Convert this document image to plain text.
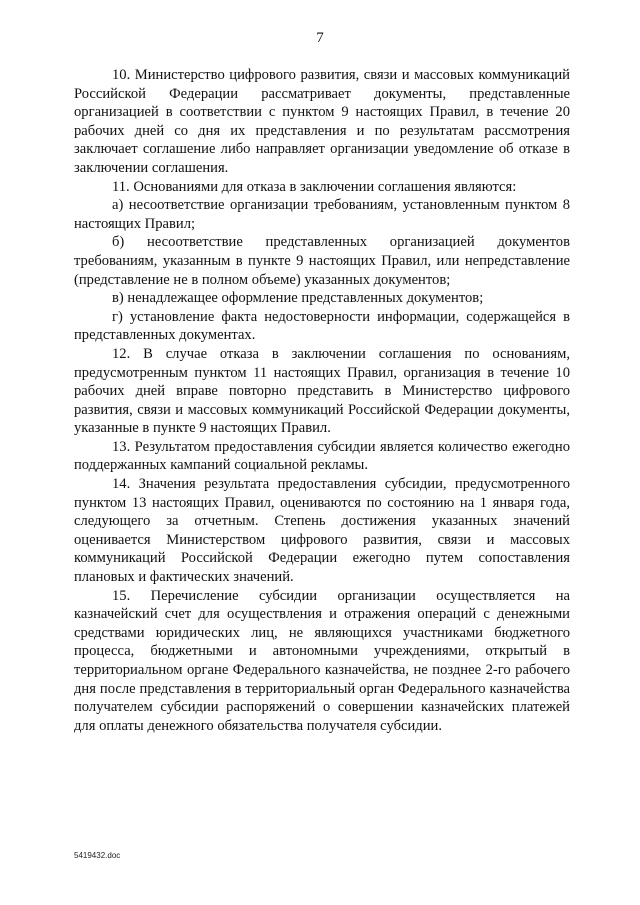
7

10. Министерство цифрового развития, связи и массовых коммуникаций Российской Федерации рассматривает документы, представленные организацией в соответствии с пунктом 9 настоящих Правил, в течение 20 рабочих дней со дня их представления и по результатам рассмотрения заключает соглашение либо направляет организации уведомление об отказе в заключении соглашения.

11. Основаниями для отказа в заключении соглашения являются:

а) несоответствие организации требованиям, установленным пунктом 8 настоящих Правил;

б) несоответствие представленных организацией документов требованиям, указанным в пункте 9 настоящих Правил, или непредставление (представление не в полном объеме) указанных документов;

в) ненадлежащее оформление представленных документов;

г) установление факта недостоверности информации, содержащейся в представленных документах.

12. В случае отказа в заключении соглашения по основаниям, предусмотренным пунктом 11 настоящих Правил, организация в течение 10 рабочих дней вправе повторно представить в Министерство цифрового развития, связи и массовых коммуникаций Российской Федерации документы, указанные в пункте 9 настоящих Правил.

13. Результатом предоставления субсидии является количество ежегодно поддержанных кампаний социальной рекламы.

14. Значения результата предоставления субсидии, предусмотренного пунктом 13 настоящих Правил, оцениваются по состоянию на 1 января года, следующего за отчетным. Степень достижения указанных значений оценивается Министерством цифрового развития, связи и массовых коммуникаций Российской Федерации ежегодно путем сопоставления плановых и фактических значений.

15. Перечисление субсидии организации осуществляется на казначейский счет для осуществления и отражения операций с денежными средствами юридических лиц, не являющихся участниками бюджетного процесса, бюджетными и автономными учреждениями, открытый в территориальном органе Федерального казначейства, не позднее 2-го рабочего дня после представления в территориальный орган Федерального казначейства получателем субсидии распоряжений о совершении казначейских платежей для оплаты денежного обязательства получателя субсидии.

5419432.doc
